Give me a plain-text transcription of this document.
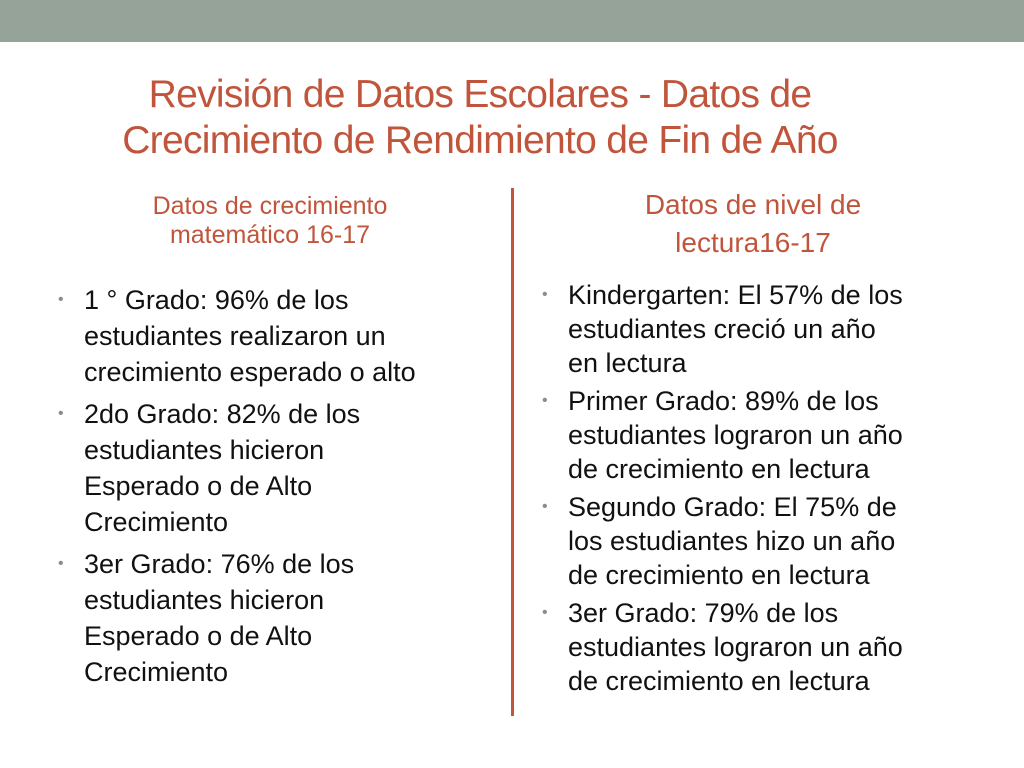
Revisión de Datos Escolares - Datos de
Crecimiento de Rendimiento de Fin de Año
Datos de crecimiento
matemático 16-17
Datos de nivel de
lectura16-17
• 1 ° Grado: 96% de los
estudiantes realizaron un
crecimiento esperado o alto
• 2do Grado: 82% de los
estudiantes hicieron
Esperado o de Alto
Crecimiento
• 3er Grado: 76% de los
estudiantes hicieron
Esperado o de Alto
Crecimiento
• Kindergarten: El 57% de los
estudiantes creció un año
en lectura
• Primer Grado: 89% de los
estudiantes lograron un año
de crecimiento en lectura
• Segundo Grado: El 75% de
los estudiantes hizo un año
de crecimiento en lectura
• 3er Grado: 79% de los
estudiantes lograron un año
de crecimiento en lectura
